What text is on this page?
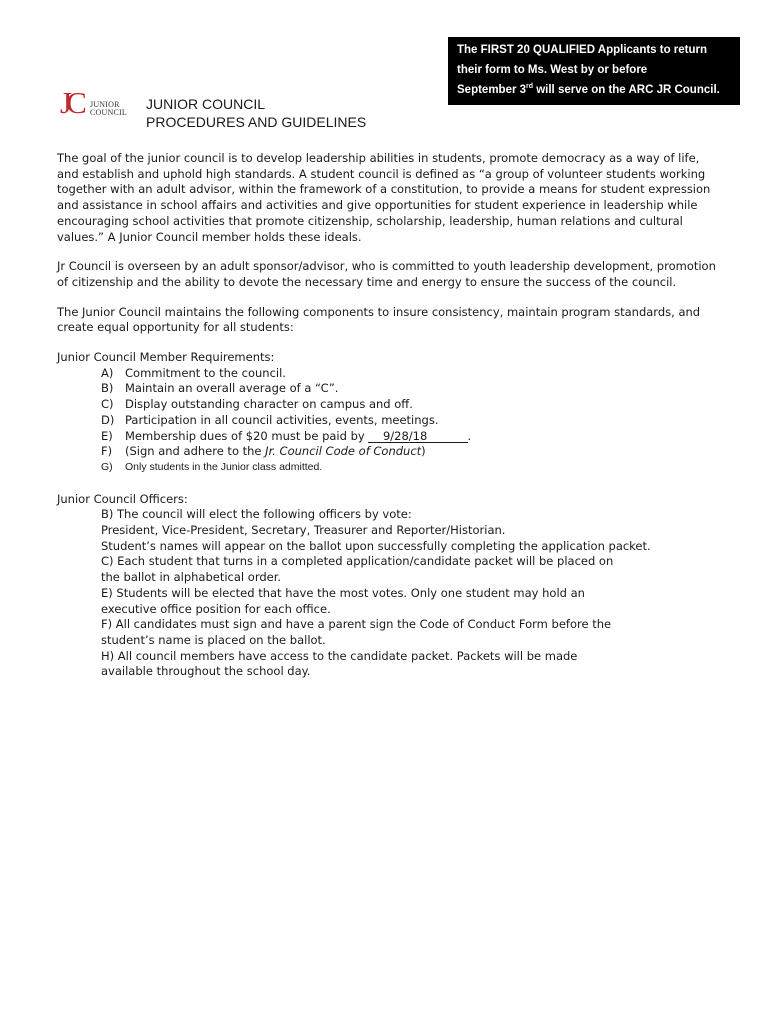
The FIRST 20 QUALIFIED Applicants to return
their form to Ms. West by or before
September 3rd will serve on the ARC JR Council.
JC JUNIOR
COUNCIL
JUNIOR COUNCIL
PROCEDURES AND GUIDELINES

The goal of the junior council is to develop leadership abilities in students, promote democracy as a way of life, and establish and uphold high standards. A student council is defined as “a group of volunteer students working together with an adult advisor, within the framework of a constitution, to provide a means for student expression and assistance in school affairs and activities and give opportunities for student experience in leadership while encouraging school activities that promote citizenship, scholarship, leadership, human relations and cultural values.” A Junior Council member holds these ideals.

Jr Council is overseen by an adult sponsor/advisor, who is committed to youth leadership development, promotion of citizenship and the ability to devote the necessary time and energy to ensure the success of the council.

The Junior Council maintains the following components to insure consistency, maintain program standards, and create equal opportunity for all students:

Junior Council Member Requirements:
A) Commitment to the council.
B) Maintain an overall average of a “C”.
C) Display outstanding character on campus and off.
D) Participation in all council activities, events, meetings.
E) Membership dues of $20 must be paid by     9/28/18           .
F) (Sign and adhere to the Jr. Council Code of Conduct)
G) Only students in the Junior class admitted.
Junior Council Officers:
B) The council will elect the following officers by vote:
President, Vice-President, Secretary, Treasurer and Reporter/Historian.
Student’s names will appear on the ballot upon successfully completing the application packet.
C) Each student that turns in a completed application/candidate packet will be placed on
the ballot in alphabetical order.
E) Students will be elected that have the most votes. Only one student may hold an
executive office position for each office.
F) All candidates must sign and have a parent sign the Code of Conduct Form before the
student’s name is placed on the ballot.
H) All council members have access to the candidate packet. Packets will be made
available throughout the school day.
